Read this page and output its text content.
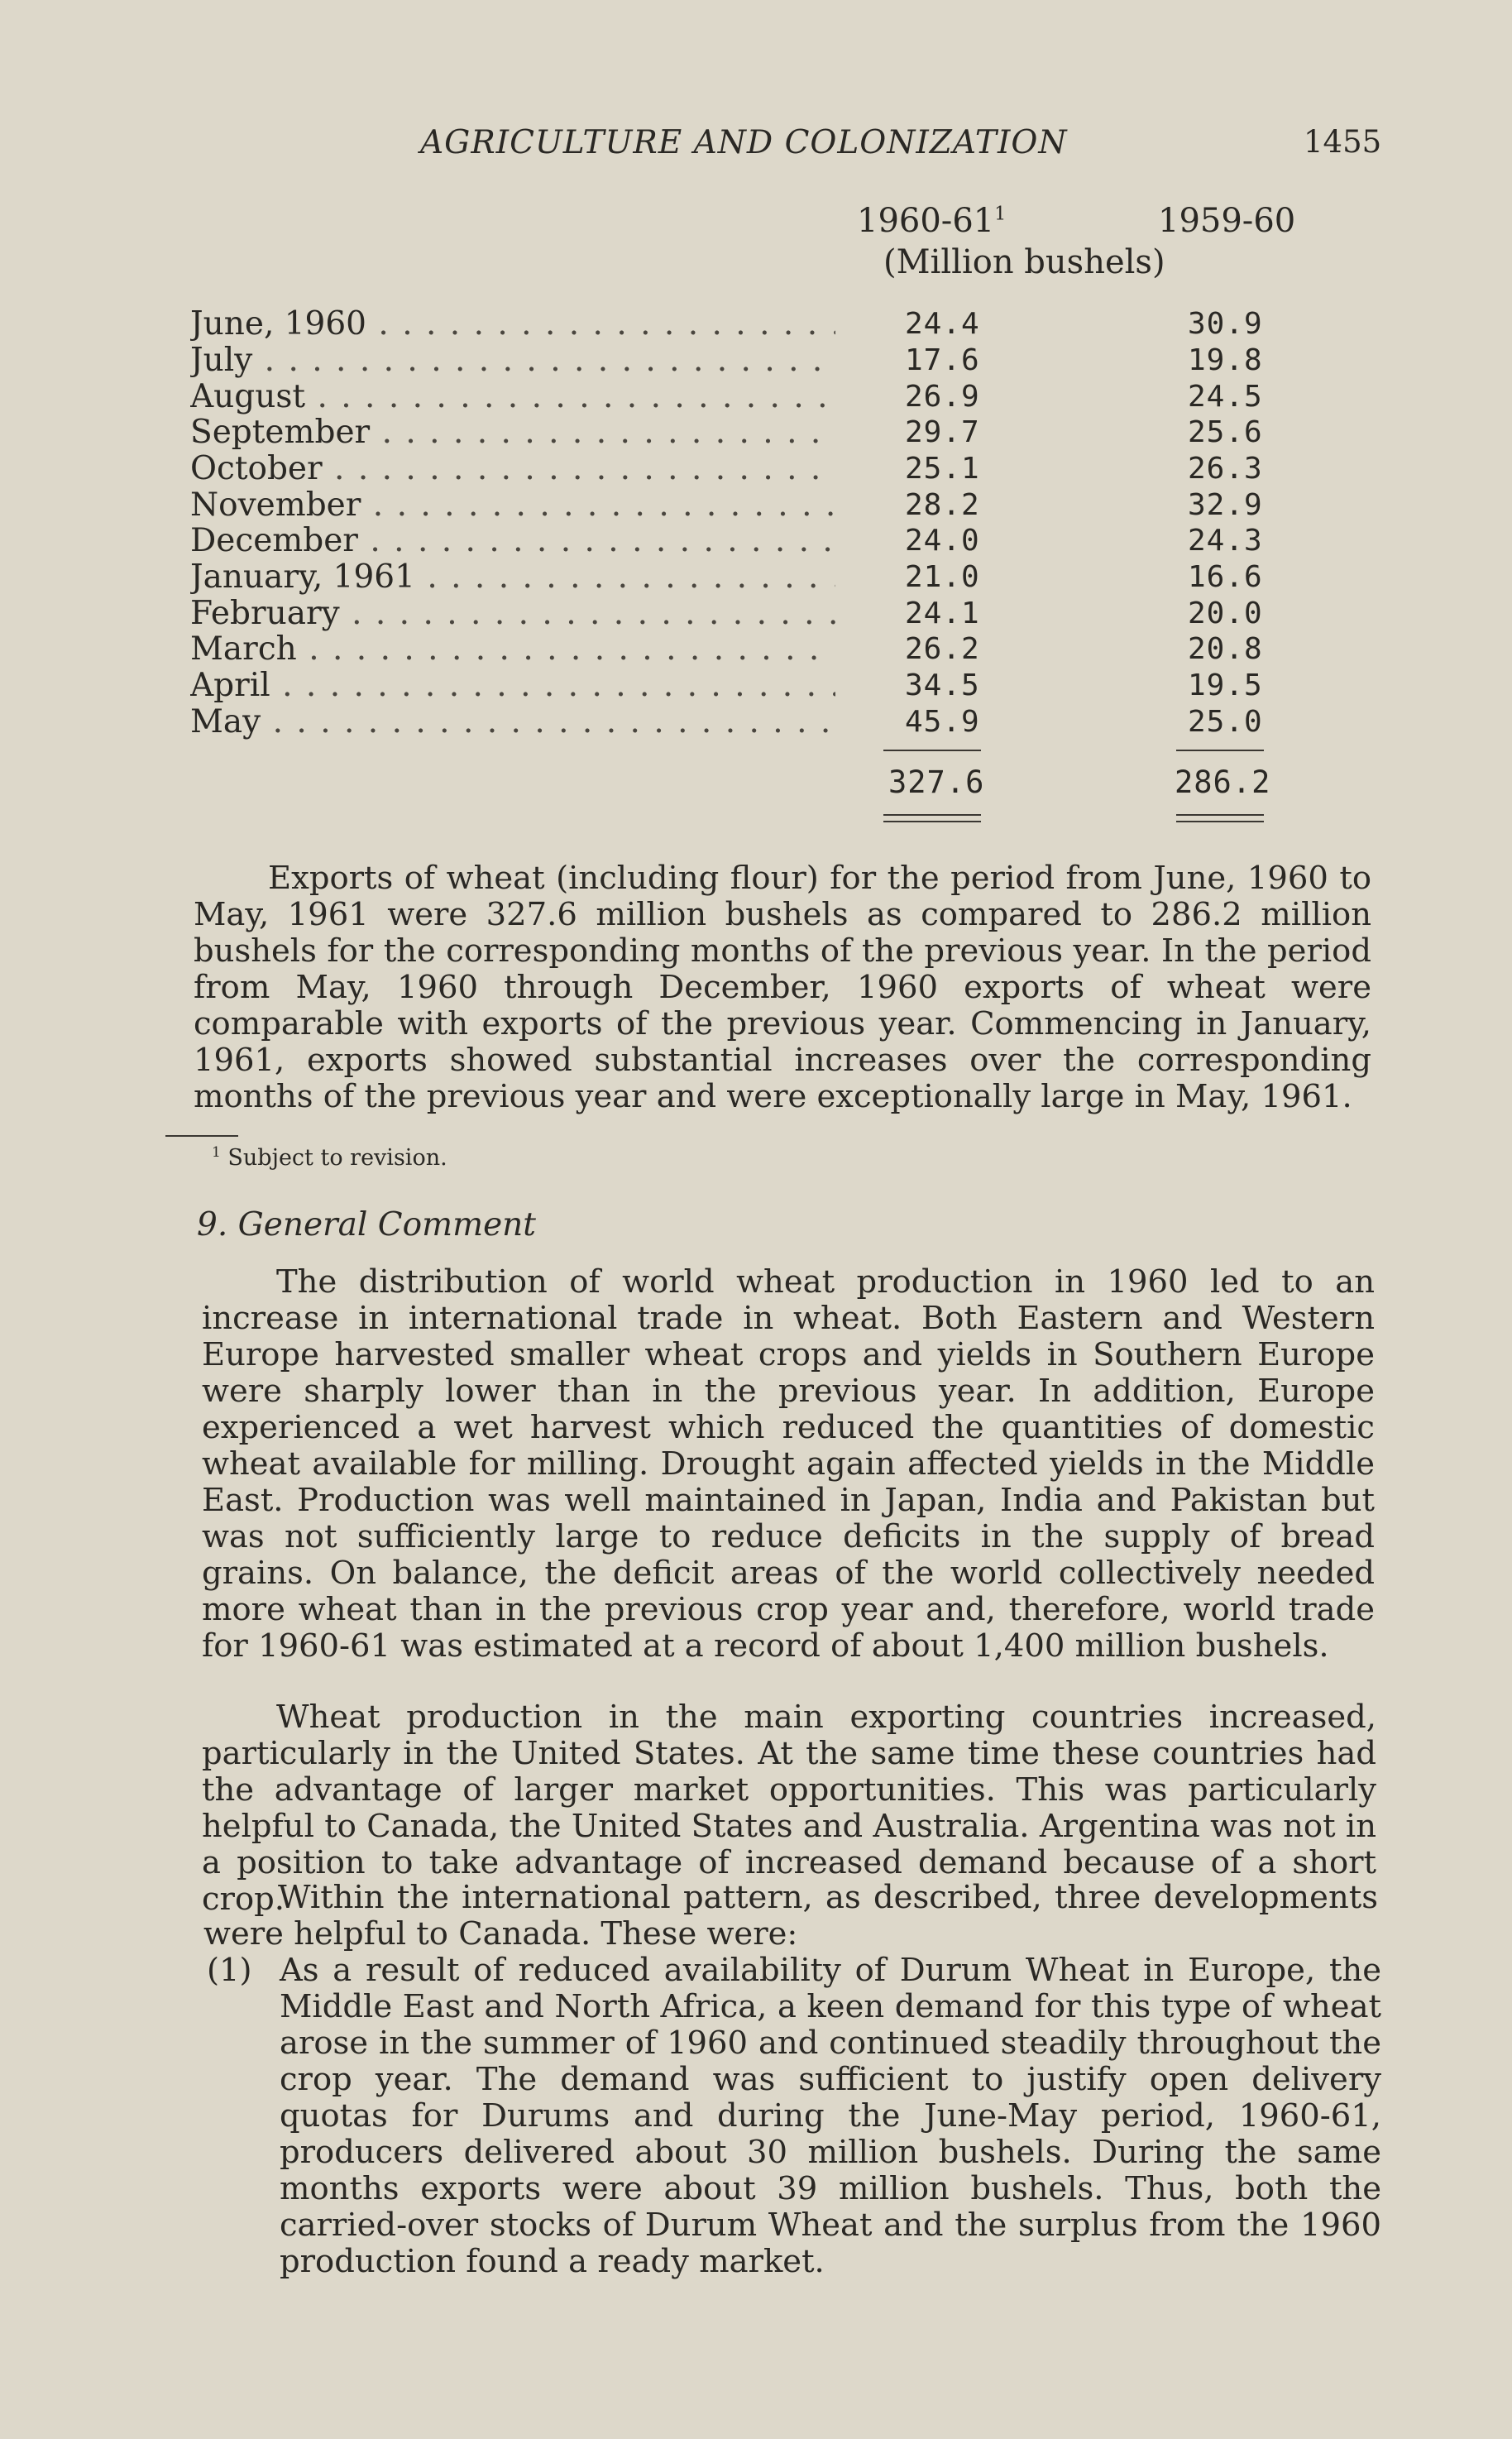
AGRICULTURE AND COLONIZATION	1455
$1960-61^1$	1959-60
(Million bushels)
June, 1960 . . .	24.4	30.9
July . . .	17.6	19.8
August . . .	26.9	24.5
September . . .	29.7	25.6
October . . .	25.1	26.3
November . . .	28.2	32.9
December . . .	24.0	24.3
January, 1961 . . .	21.0	16.6
February . . .	24.1	20.0
March . . .	26.2	20.8
April . . .	34.5	19.5
May . . .	45.9	25.0
327.6	286.2
Exports of wheat (including flour) for the period from June, 1960 to May, 1961 were 327.6 million bushels as compared to 286.2 million bushels for the corresponding months of the previous year. In the period from May, 1960 through December, 1960 exports of wheat were comparable with exports of the previous year. Commencing in January, 1961, exports showed substantial increases over the corresponding months of the previous year and were exceptionally large in May, 1961.
$^1$ Subject to revision.
9. General Comment
The distribution of world wheat production in 1960 led to an increase in international trade in wheat. Both Eastern and Western Europe harvested smaller wheat crops and yields in Southern Europe were sharply lower than in the previous year. In addition, Europe experienced a wet harvest which reduced the quantities of domestic wheat available for milling. Drought again affected yields in the Middle East. Production was well maintained in Japan, India and Pakistan but was not sufficiently large to reduce deficits in the supply of bread grains. On balance, the deficit areas of the world collectively needed more wheat than in the previous crop year and, therefore, world trade for 1960-61 was estimated at a record of about 1,400 million bushels.
Wheat production in the main exporting countries increased, particularly in the United States. At the same time these countries had the advantage of larger market opportunities. This was particularly helpful to Canada, the United States and Australia. Argentina was not in a position to take advantage of increased demand because of a short crop.
Within the international pattern, as described, three developments were helpful to Canada. These were:
(1) As a result of reduced availability of Durum Wheat in Europe, the Middle East and North Africa, a keen demand for this type of wheat arose in the summer of 1960 and continued steadily throughout the crop year. The demand was sufficient to justify open delivery quotas for Durums and during the June-May period, 1960-61, producers delivered about 30 million bushels. During the same months exports were about 39 million bushels. Thus, both the carried-over stocks of Durum Wheat and the surplus from the 1960 production found a ready market.
